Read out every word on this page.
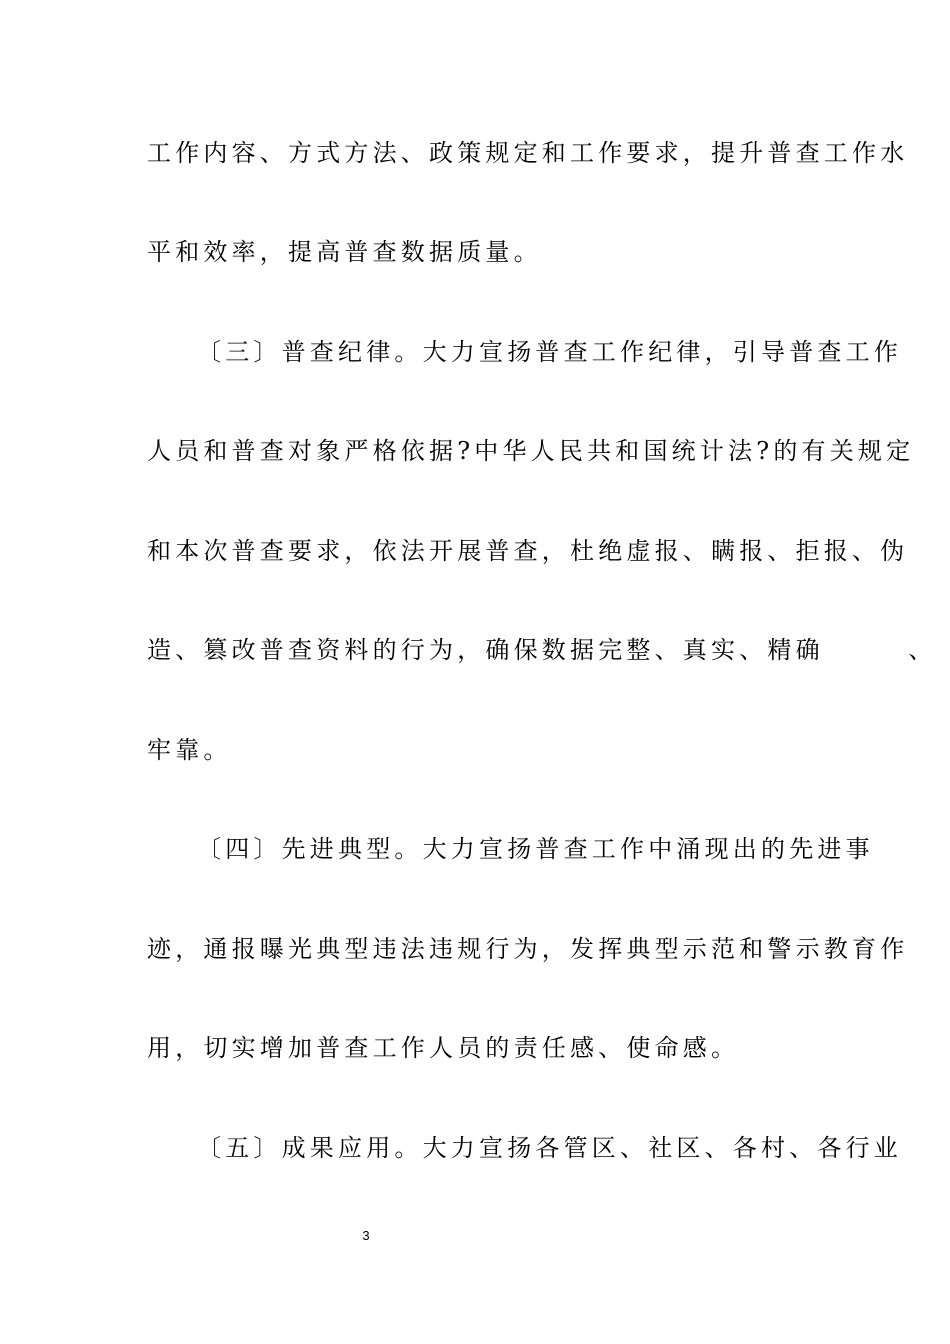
工作内容、方式方法、政策规定和工作要求，提升普查工作水
平和效率，提高普查数据质量。
〔三〕普查纪律。大力宣扬普查工作纪律，引导普查工作
人员和普查对象严格依据?中华人民共和国统计法?的有关规定
和本次普查要求，依法开展普查，杜绝虚报、瞒报、拒报、伪
造、篡改普查资料的行为，确保数据完整、真实、精确　　　、
牢靠。
〔四〕先进典型。大力宣扬普查工作中涌现出的先进事
迹，通报曝光典型违法违规行为，发挥典型示范和警示教育作
用，切实增加普查工作人员的责任感、使命感。
〔五〕成果应用。大力宣扬各管区、社区、各村、各行业
3
